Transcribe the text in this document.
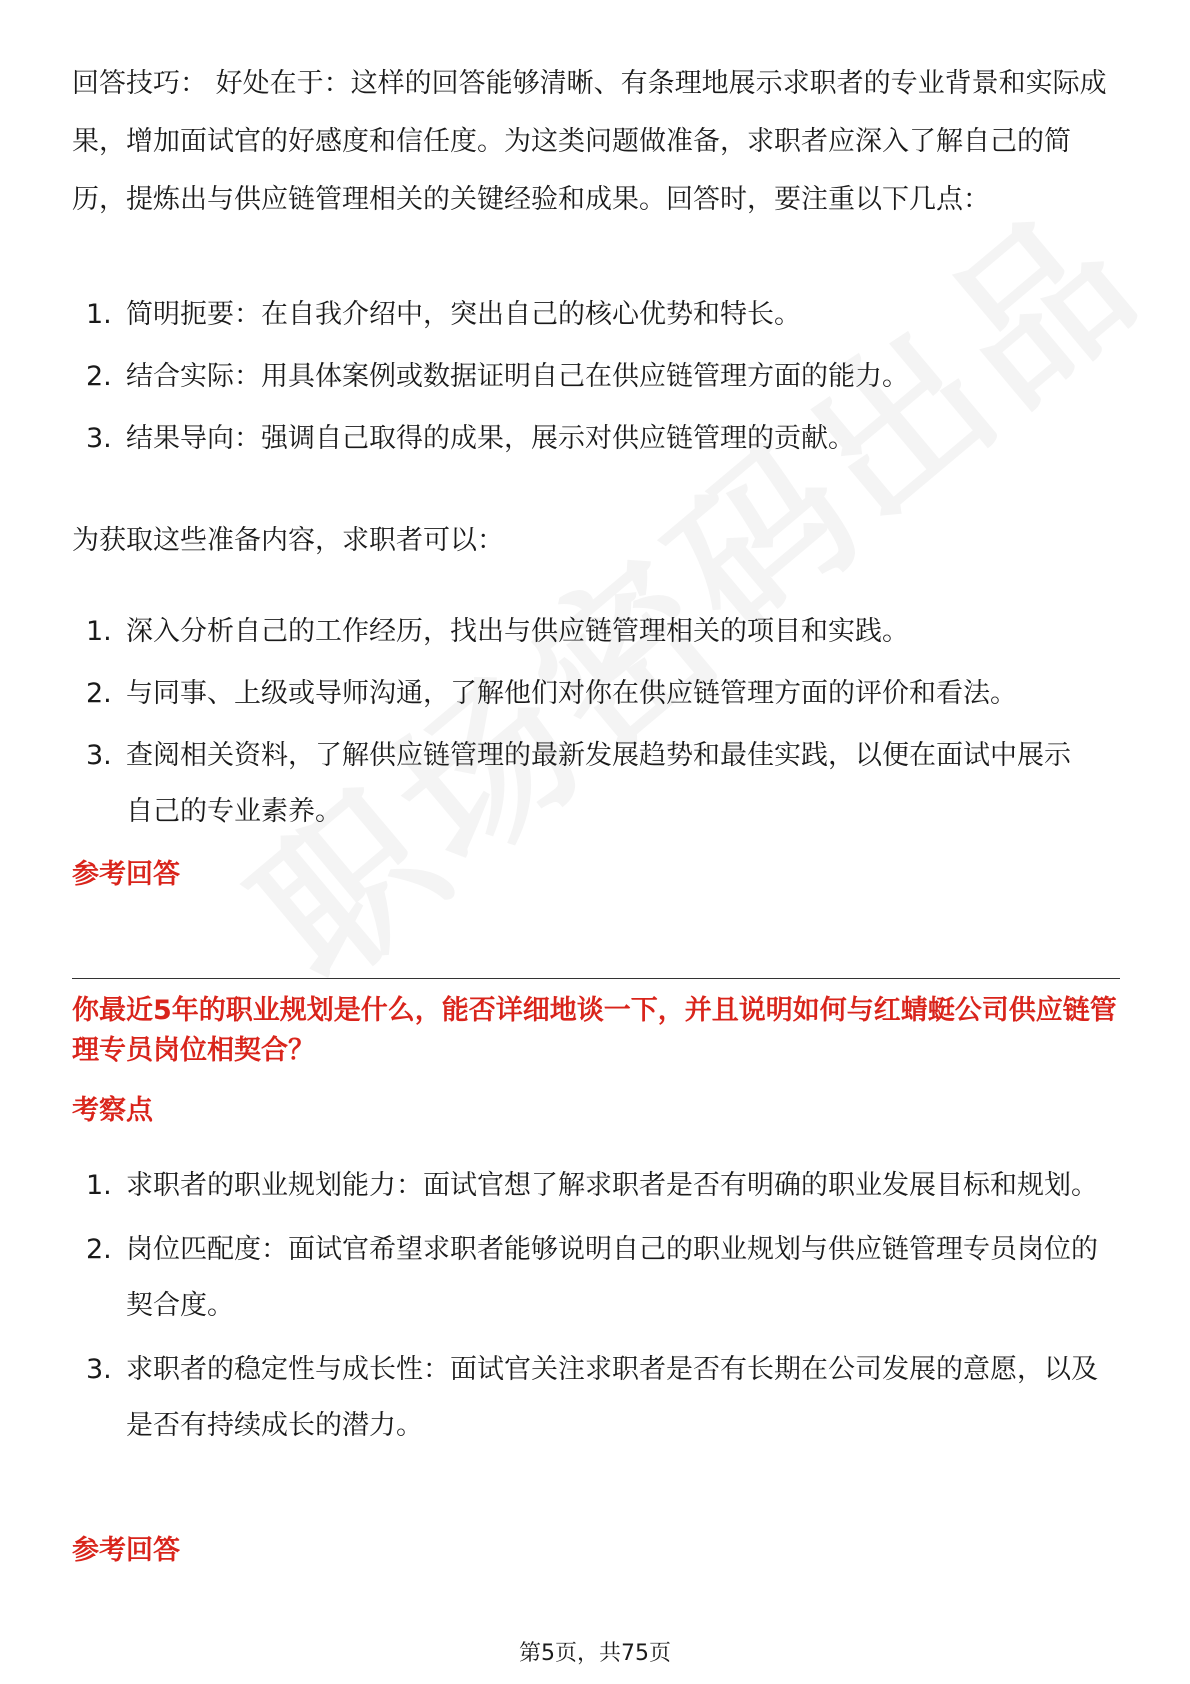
回答技巧： 好处在于：这样的回答能够清晰、有条理地展示求职者的专业背景和实际成果，增加面试官的好感度和信任度。为这类问题做准备，求职者应深入了解自己的简历，提炼出与供应链管理相关的关键经验和成果。回答时，要注重以下几点：

1. 简明扼要：在自我介绍中，突出自己的核心优势和特长。
2. 结合实际：用具体案例或数据证明自己在供应链管理方面的能力。
3. 结果导向：强调自己取得的成果，展示对供应链管理的贡献。

为获取这些准备内容，求职者可以：

1. 深入分析自己的工作经历，找出与供应链管理相关的项目和实践。
2. 与同事、上级或导师沟通，了解他们对你在供应链管理方面的评价和看法。
3. 查阅相关资料，了解供应链管理的最新发展趋势和最佳实践，以便在面试中展示自己的专业素养。

参考回答

你最近5年的职业规划是什么，能否详细地谈一下，并且说明如何与红蜻蜓公司供应链管理专员岗位相契合？

考察点

1. 求职者的职业规划能力：面试官想了解求职者是否有明确的职业发展目标和规划。
2. 岗位匹配度：面试官希望求职者能够说明自己的职业规划与供应链管理专员岗位的契合度。
3. 求职者的稳定性与成长性：面试官关注求职者是否有长期在公司发展的意愿，以及是否有持续成长的潜力。

参考回答

第5页，共75页
